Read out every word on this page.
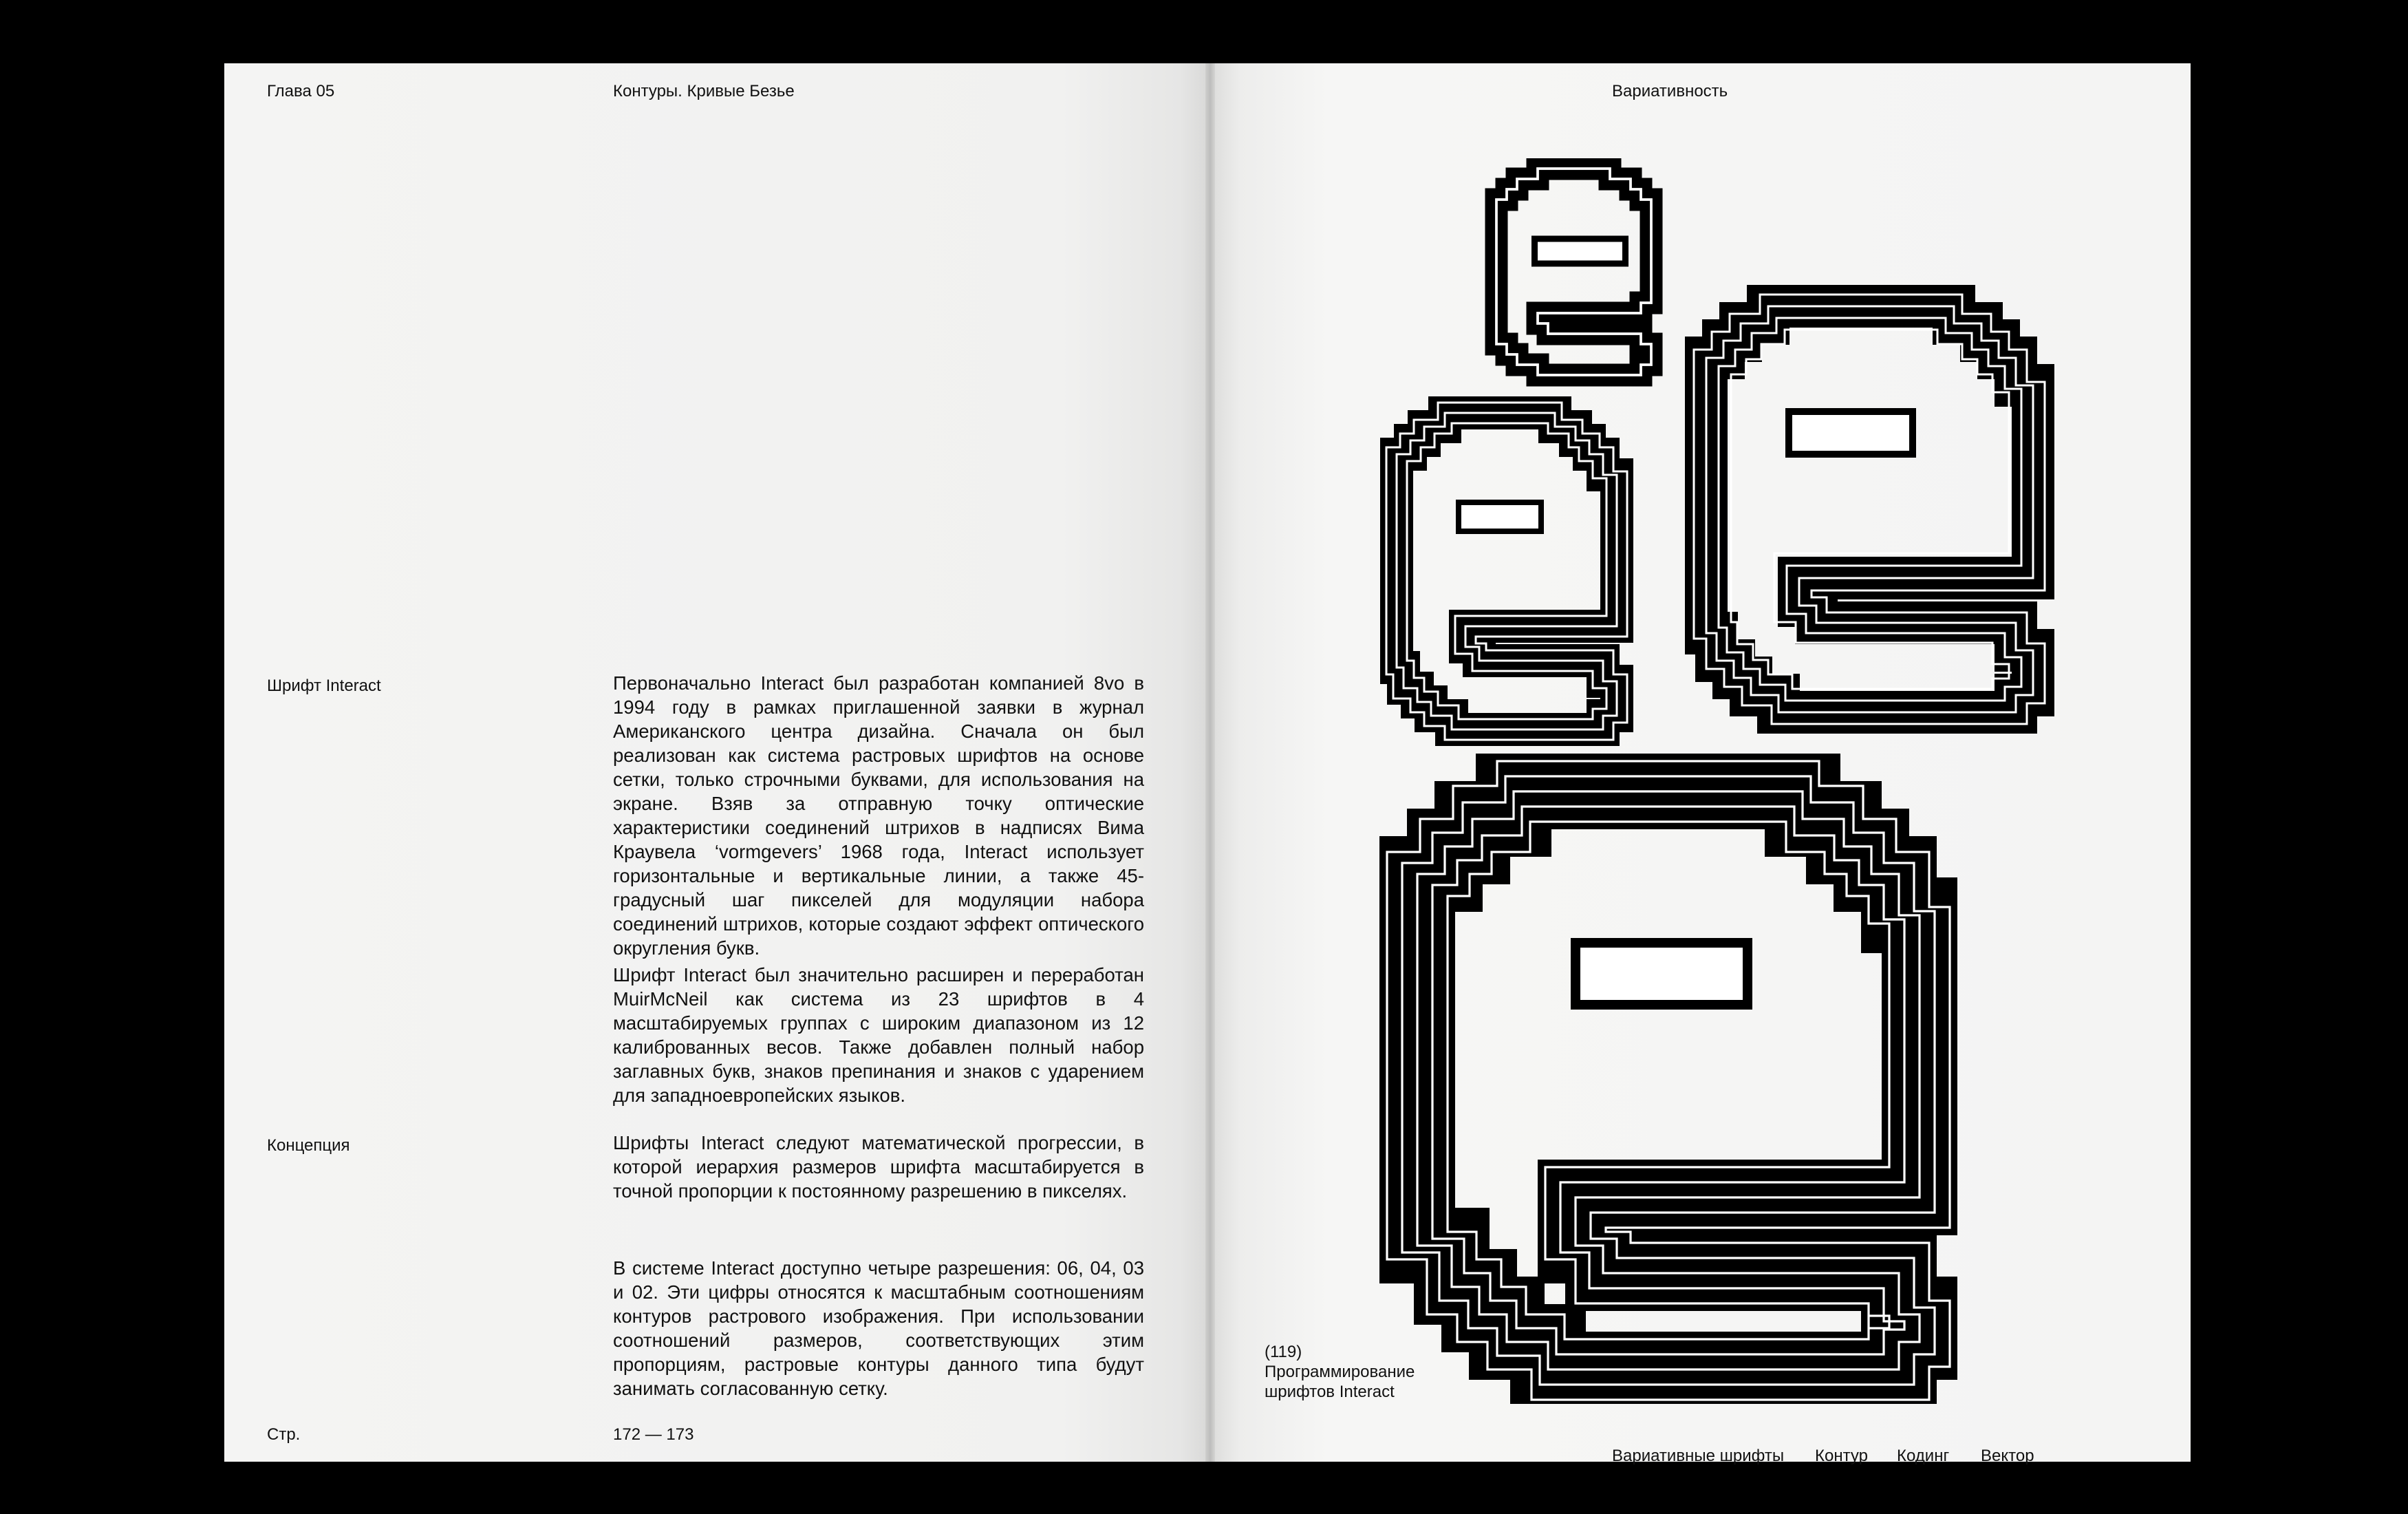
Глава 05	Контуры. Кривые Безье

Шрифт Interact	Первоначально Interact был разработан компанией 8vo в 1994 году в рамках приглашенной заявки в журнал Американского центра дизайна. Сначала он был реализован как система растровых шрифтов на основе сетки, только строчными буквами, для использования на экране. Взяв за отправную точку оптические характеристики соединений штрихов в надписях Вима Краувела ‘vormgevers’ 1968 года, Interact использует горизонтальные и вертикальные линии, а также 45-градусный шаг пикселей для модуляции набора соединений штрихов, которые создают эффект оптического округления букв.

Шрифт Interact был значительно расширен и переработан MuirMcNeil как система из 23 шрифтов в 4 масштабируемых группах с широким диапазоном из 12 калиброванных весов. Также добавлен полный набор заглавных букв, знаков препинания и знаков с ударением для западноевропейских языков.

Концепция	Шрифты Interact следуют математической прогрессии, в которой иерархия размеров шрифта масштабируется в точной пропорции к постоянному разрешению в пикселях.

В системе Interact доступно четыре разрешения: 06, 04, 03 и 02. Эти цифры относятся к масштабным соотношениям контуров растрового изображения. При использовании соотношений размеров, соответствующих этим пропорциям, растровые контуры данного типа будут занимать согласованную сетку.

Стр.	172 — 173

Вариативность

(119)

Программирование

шрифтов Interact

Вариативные шрифты Контур Кодинг Вектор
